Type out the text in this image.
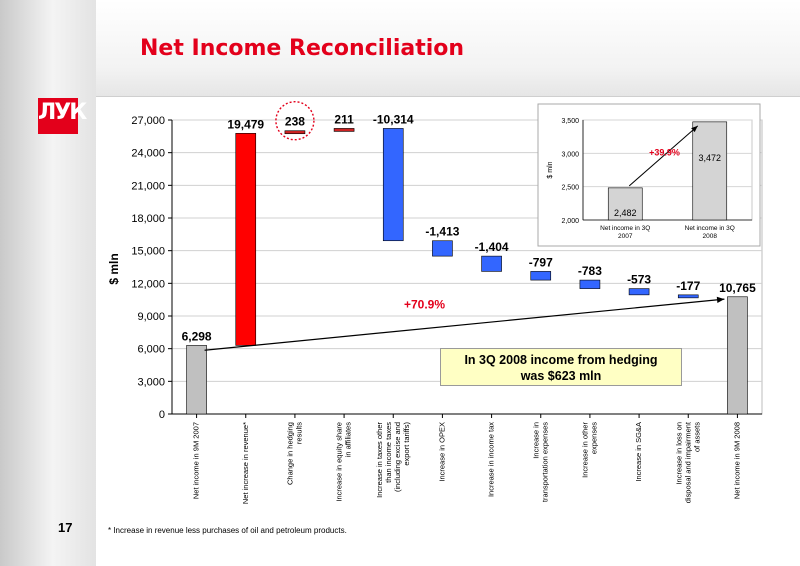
ЛУК
Net Income Reconciliation
0
3,000
6,000
9,000
12,000
15,000
18,000
21,000
24,000
27,000
$ mln
6,298
Net income in 9M 2007
19,479
Net increase in revenue*
238
Change in hedgingresults
211
Increase in equity sharein affiliates
-10,314
Increase in taxes otherthan income taxes(including excise andexport tariffs)
-1,413
Increase in OPEX
-1,404
Increase in income tax
-797
Increase intransportation expenses
-783
Increase in otherexpenses
-573
Increase in SG&A
-177
Increase in loss ondisposal and impairmentof assets
10,765
Net income in 9M 2008
+70.9%
2,000
2,500
3,000
3,500
$ mln
2,482
Net income in 3Q 2007
3,472
Net income in 3Q 2008
+39.9%
In 3Q 2008 income from hedging
was $623 mln
17	* Increase in revenue less purchases of oil and petroleum products.
